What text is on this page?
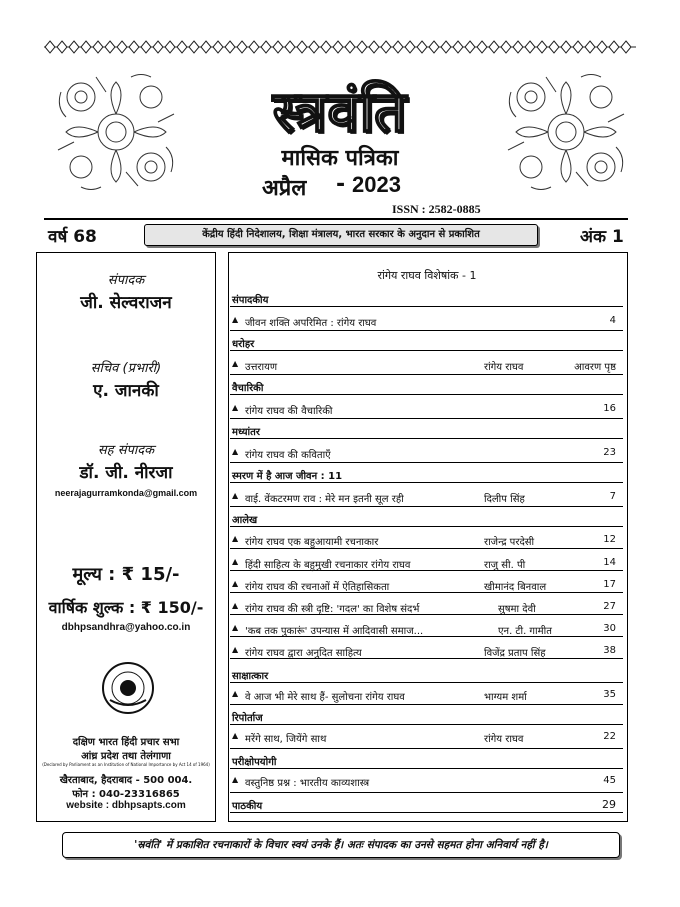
स्त्रवंति
मासिक पत्रिका
अप्रैल - 2023
ISSN : 2582-0885
वर्ष 68	केंद्रीय हिंदी निदेशालय, शिक्षा मंत्रालय, भारत सरकार के अनुदान से प्रकाशित	अंक 1
संपादक
जी. सेल्वराजन
सचिव (प्रभारी)
ए. जानकी
सह संपादक
डॉ. जी. नीरजा
neerajagurramkonda@gmail.com
मूल्य : ₹ 15/-
वार्षिक शुल्क : ₹ 150/-
dbhpsandhra@yahoo.co.in
दक्षिण भारत हिंदी प्रचार सभा
आंध्र प्रदेश तथा तेलंगाणा
(Declared by Parliament as an Institution of National Importance by Act 14 of 1964)
खैरताबाद, हैदराबाद - 500 004.
फोन : 040-23316865
website : dbhpsapts.com
रांगेय राघव विशेषांक - 1
संपादकीय
▲ जीवन शक्ति अपरिमित : रांगेय राघव	4
धरोहर
▲ उत्तरायण	रांगेय राघव	आवरण पृष्ठ
वैचारिकी
▲ रांगेय राघव की वैचारिकी	16
मध्यांतर
▲ रांगेय राघव की कविताएँ	23
स्मरण में है आज जीवन : 11
▲ वाई. वेंकटरमण राव : मेरे मन इतनी सूल रही	दिलीप सिंह	7
आलेख
▲ रांगेय राघव एक बहुआयामी रचनाकार	राजेन्द्र परदेसी	12
▲ हिंदी साहित्य के बहुमुखी रचनाकार रांगेय राघव	राजु सी. पी	14
▲ रांगेय राघव की रचनाओं में ऐतिहासिकता	खीमानंद बिनवाल	17
▲ रांगेय राघव की स्त्री दृष्टि: 'गदल' का विशेष संदर्भ	सुषमा देवी	27
▲ 'कब तक पुकारूं' उपन्यास में आदिवासी समाज...	एन. टी. गामीत	30
▲ रांगेय राघव द्वारा अनुदित साहित्य	विजेंद्र प्रताप सिंह	38
साक्षात्कार
▲ वे आज भी मेरे साथ हैं- सुलोचना रांगेय राघव	भाग्यम शर्मा	35
रिपोर्ताज
▲ मरेंगे साथ, जियेंगे साथ	रांगेय राघव	22
परीक्षोपयोगी
▲ वस्तुनिष्ठ प्रश्न : भारतीय काव्यशास्त्र	45
पाठकीय	29
'स्रवंति' में प्रकाशित रचनाकारों के विचार स्वयं उनके हैं। अतः संपादक का उनसे सहमत होना अनिवार्य नहीं है।
